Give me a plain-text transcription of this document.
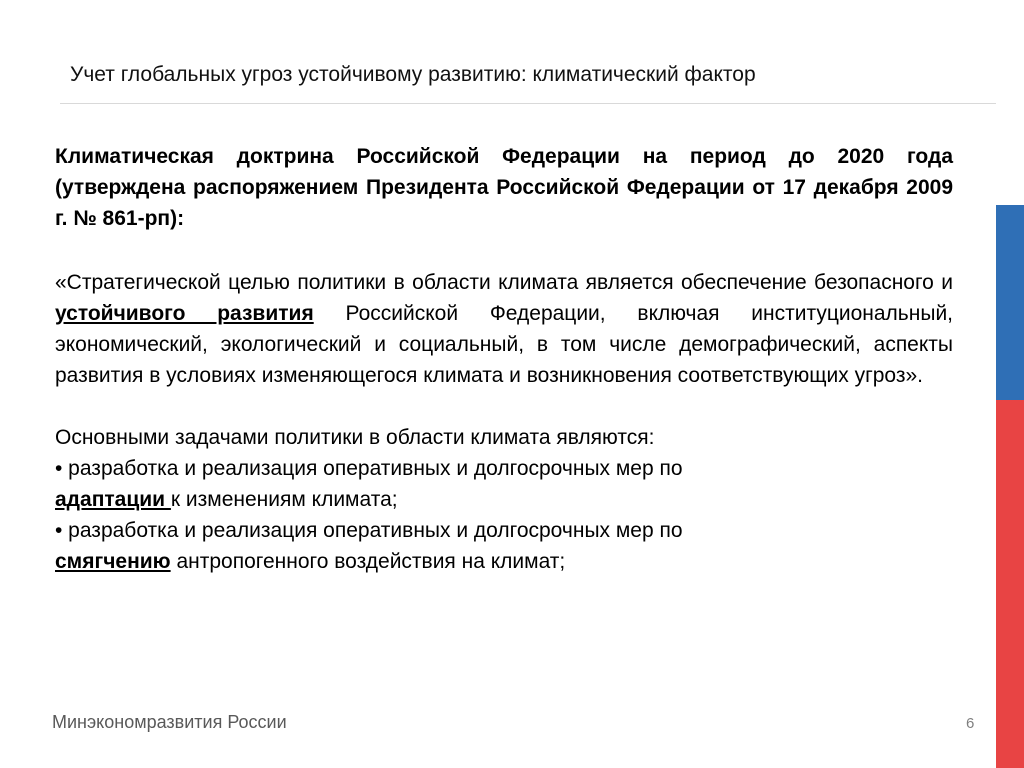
Учет глобальных угроз устойчивому развитию: климатический фактор

Климатическая доктрина Российской Федерации на период до 2020 года (утверждена распоряжением Президента Российской Федерации от 17 декабря 2009 г. № 861-рп):

«Стратегической целью политики в области климата является обеспечение безопасного и устойчивого развития Российской Федерации, включая институциональный, экономический, экологический и социальный, в том числе демографический, аспекты развития в условиях изменяющегося климата и возникновения соответствующих угроз».

Основными задачами политики в области климата являются:
• разработка и реализация оперативных и долгосрочных мер по
адаптации к изменениям климата;
• разработка и реализация оперативных и долгосрочных мер по
смягчению антропогенного воздействия на климат;
Минэкономразвития России	6
